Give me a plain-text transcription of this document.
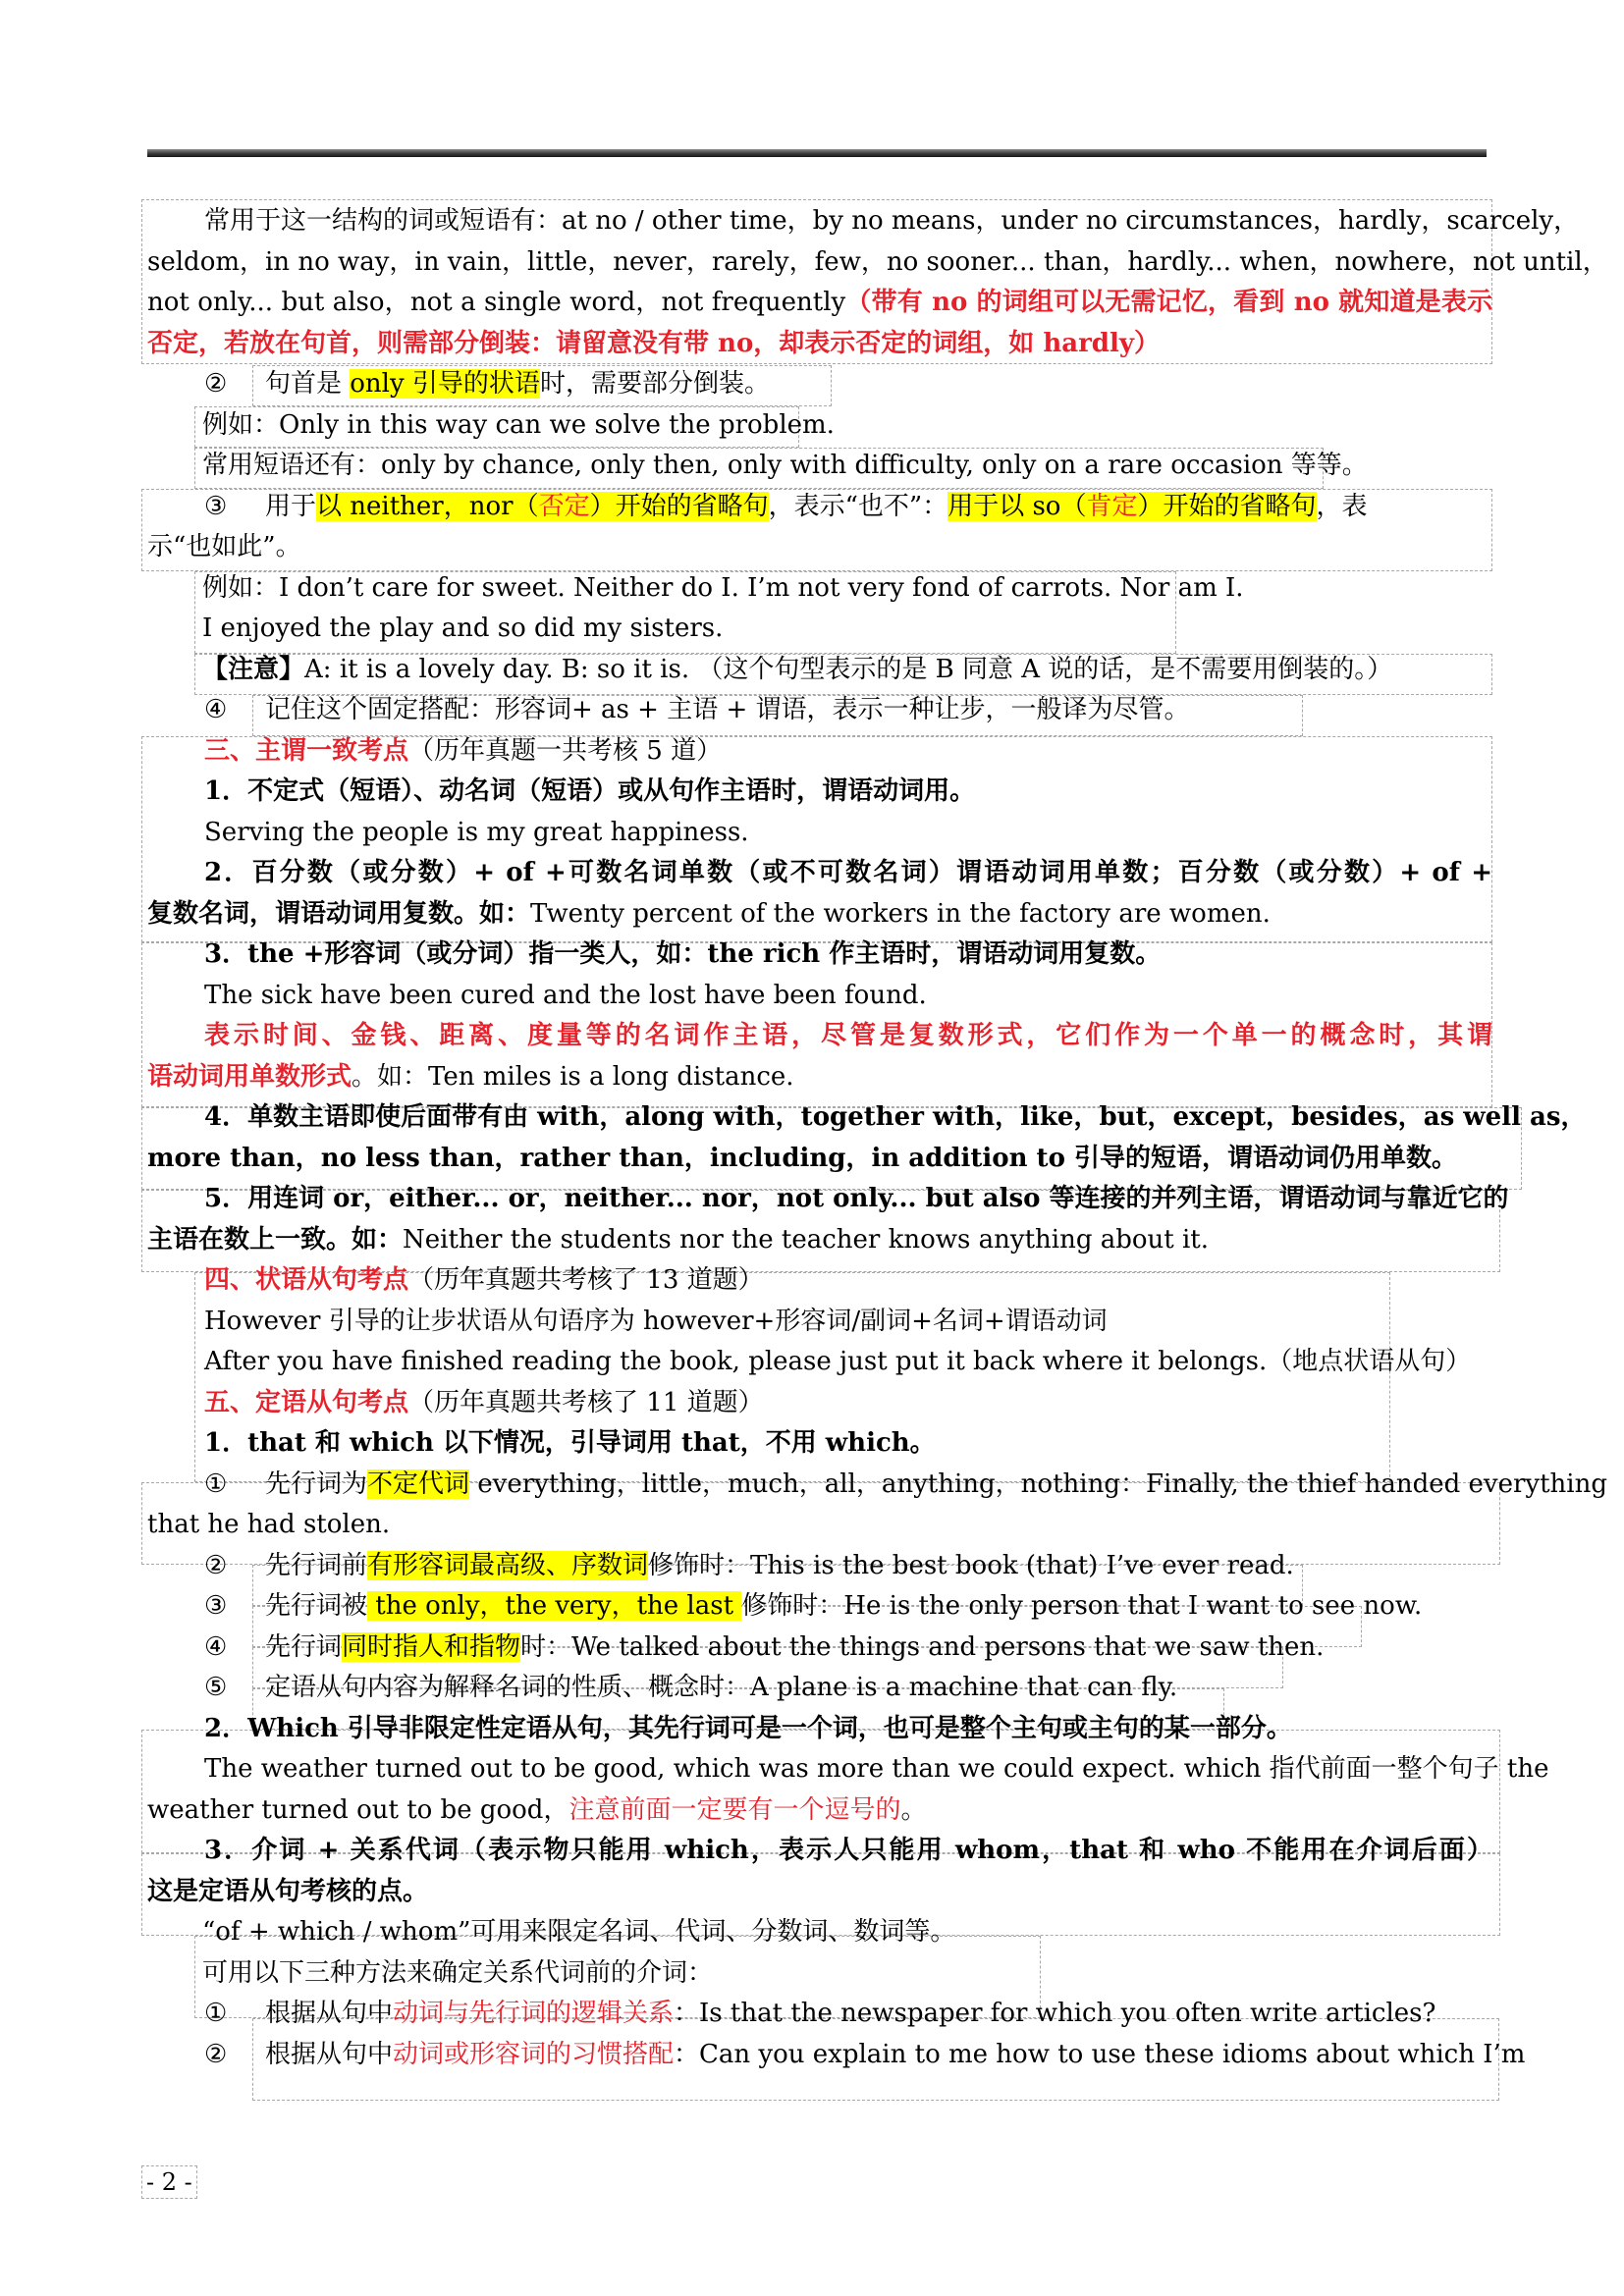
常用于这一结构的词或短语有：at no / other time，by no means，under no circumstances，hardly，scarcely，
seldom，in no way，in vain，little，never，rarely，few，no sooner... than，hardly... when，nowhere，not until，
not only... but also，not a single word，not frequently（带有 no 的词组可以无需记忆，看到 no 就知道是表示
否定，若放在句首，则需部分倒装：请留意没有带 no，却表示否定的词组，如 hardly）
② 句首是 only 引导的状语时，需要部分倒装。
例如：Only in this way can we solve the problem.
常用短语还有：only by chance, only then, only with difficulty, only on a rare occasion 等等。
③ 用于以 neither，nor（否定）开始的省略句，表示“也不”：用于以 so（肯定）开始的省略句，表
示“也如此”。
例如：I don’t care for sweet. Neither do I. I’m not very fond of carrots. Nor am I.
I enjoyed the play and so did my sisters.
【注意】A: it is a lovely day. B: so it is. （这个句型表示的是 B 同意 A 说的话，是不需要用倒装的。）
④ 记住这个固定搭配：形容词+ as + 主语 + 谓语，表示一种让步，一般译为尽管。
三、主谓一致考点（历年真题一共考核 5 道）
1．不定式（短语）、动名词（短语）或从句作主语时，谓语动词用。
Serving the people is my great happiness.
2．百分数（或分数）+ of +可数名词单数（或不可数名词）谓语动词用单数；百分数（或分数）+ of +
复数名词，谓语动词用复数。如：Twenty percent of the workers in the factory are women.
3．the +形容词（或分词）指一类人，如：the rich 作主语时，谓语动词用复数。
The sick have been cured and the lost have been found.
表示时间、金钱、距离、度量等的名词作主语，尽管是复数形式，它们作为一个单一的概念时，其谓
语动词用单数形式。如：Ten miles is a long distance.
4．单数主语即使后面带有由 with，along with，together with，like，but，except，besides，as well as，
more than，no less than，rather than，including，in addition to 引导的短语，谓语动词仍用单数。
5．用连词 or，either... or，neither... nor，not only... but also 等连接的并列主语，谓语动词与靠近它的
主语在数上一致。如：Neither the students nor the teacher knows anything about it.
四、状语从句考点（历年真题共考核了 13 道题）
However 引导的让步状语从句语序为 however+形容词/副词+名词+谓语动词
After you have finished reading the book, please just put it back where it belongs.（地点状语从句）
五、定语从句考点（历年真题共考核了 11 道题）
1．that 和 which 以下情况，引导词用 that，不用 which。
① 先行词为不定代词 everything，little，much，all，anything，nothing：Finally, the thief handed everything
that he had stolen.
② 先行词前有形容词最高级、序数词修饰时：This is the best book (that) I’ve ever read.
③ 先行词被 the only，the very，the last 修饰时：He is the only person that I want to see now.
④ 先行词同时指人和指物时：We talked about the things and persons that we saw then.
⑤ 定语从句内容为解释名词的性质、概念时：A plane is a machine that can fly.
2．Which 引导非限定性定语从句，其先行词可是一个词，也可是整个主句或主句的某一部分。
The weather turned out to be good, which was more than we could expect. which 指代前面一整个句子 the
weather turned out to be good，注意前面一定要有一个逗号的。
3．介词 + 关系代词（表示物只能用 which，表示人只能用 whom，that 和 who 不能用在介词后面）
这是定语从句考核的点。
“of + which / whom”可用来限定名词、代词、分数词、数词等。
可用以下三种方法来确定关系代词前的介词：
① 根据从句中动词与先行词的逻辑关系：Is that the newspaper for which you often write articles?
② 根据从句中动词或形容词的习惯搭配：Can you explain to me how to use these idioms about which I’m
- 2 -
